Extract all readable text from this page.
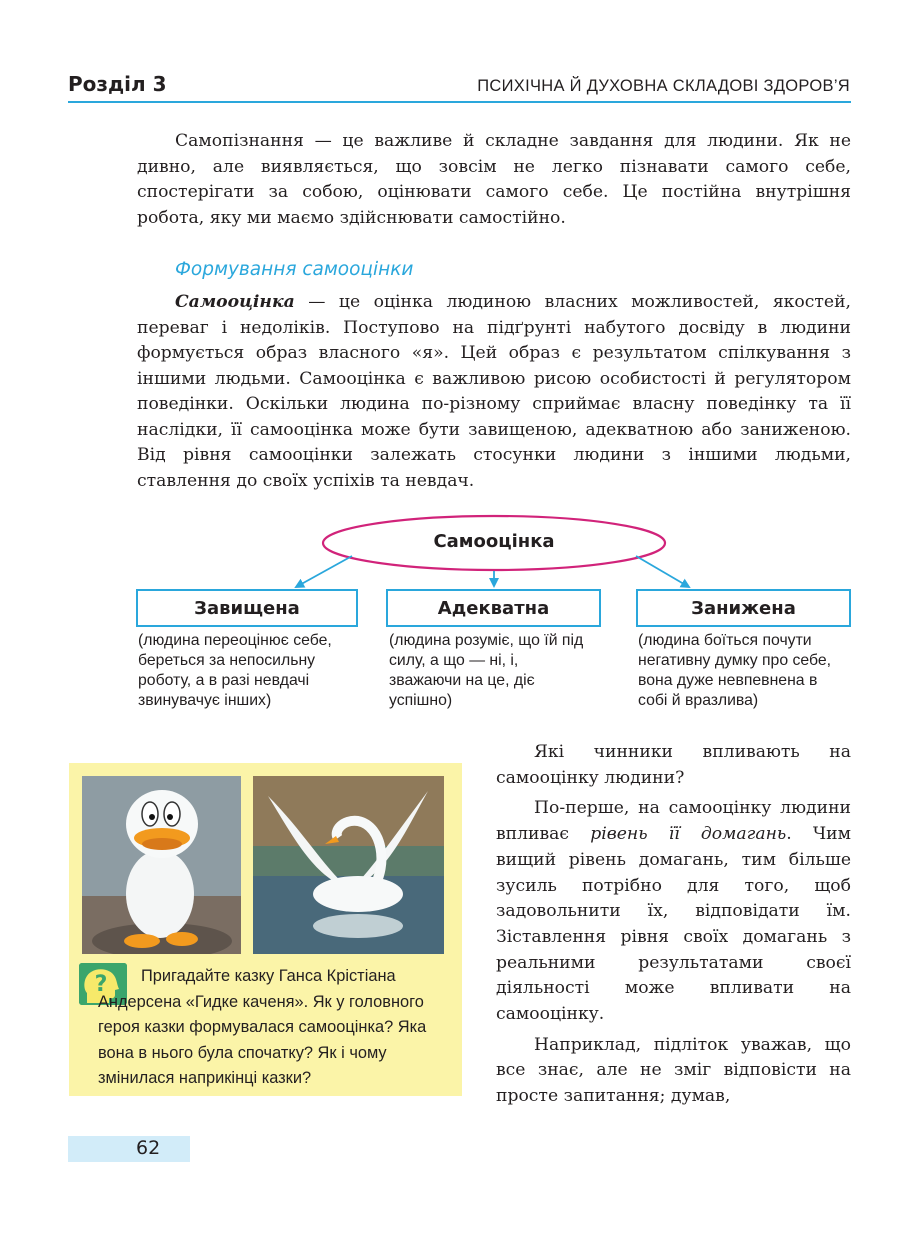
Розділ 3	ПСИХІЧНА Й ДУХОВНА СКЛАДОВІ ЗДОРОВ’Я

Самопізнання — це важливе й складне завдання для людини. Як не дивно, але виявляється, що зовсім не легко пізнавати самого себе, спостерігати за собою, оцінювати самого себе. Це постійна внутрішня робота, яку ми маємо здійснювати самостійно.

Формування самооцінки

Самооцінка — це оцінка людиною власних можливостей, якостей, переваг і недоліків. Поступово на підґрунті набутого досвіду в людини формується образ власного «я». Цей образ є результатом спілкування з іншими людьми. Самооцінка є важливою рисою особистості й регулятором поведінки. Оскільки людина по-різному сприймає власну поведінку та її наслідки, її самооцінка може бути завищеною, адекватною або заниженою. Від рівня самооцінки залежать стосунки людини з іншими людьми, ставлення до своїх успіхів та невдач.

Самооцінка
Завищена	Адекватна	Занижена

(людина переоцінює себе, береться за непосильну роботу, а в разі невдачі звинувачує інших)

(людина розуміє, що їй під силу, а що — ні, і, зважаючи на це, діє успішно)

(людина боїться почути негативну думку про себе, вона дуже невпевнена в собі й вразлива)

?	Пригадайте казку Ганса Крістіана Андерсена «Гидке каченя». Як у головного героя казки формувалася самооцінка? Яка вона в нього була спочатку? Як і чому змінилася наприкінці казки?

Які чинники впливають на самооцінку людини?

По-перше, на самооцінку людини впливає рівень її домагань. Чим вищий рівень домагань, тим більше зусиль потрібно для того, щоб задовольнити їх, відповідати їм. Зіставлення рівня своїх домагань з реальними результатами своєї діяльності може впливати на самооцінку.

Наприклад, підліток уважав, що все знає, але не зміг відповісти на просте запитання; думав,

62
